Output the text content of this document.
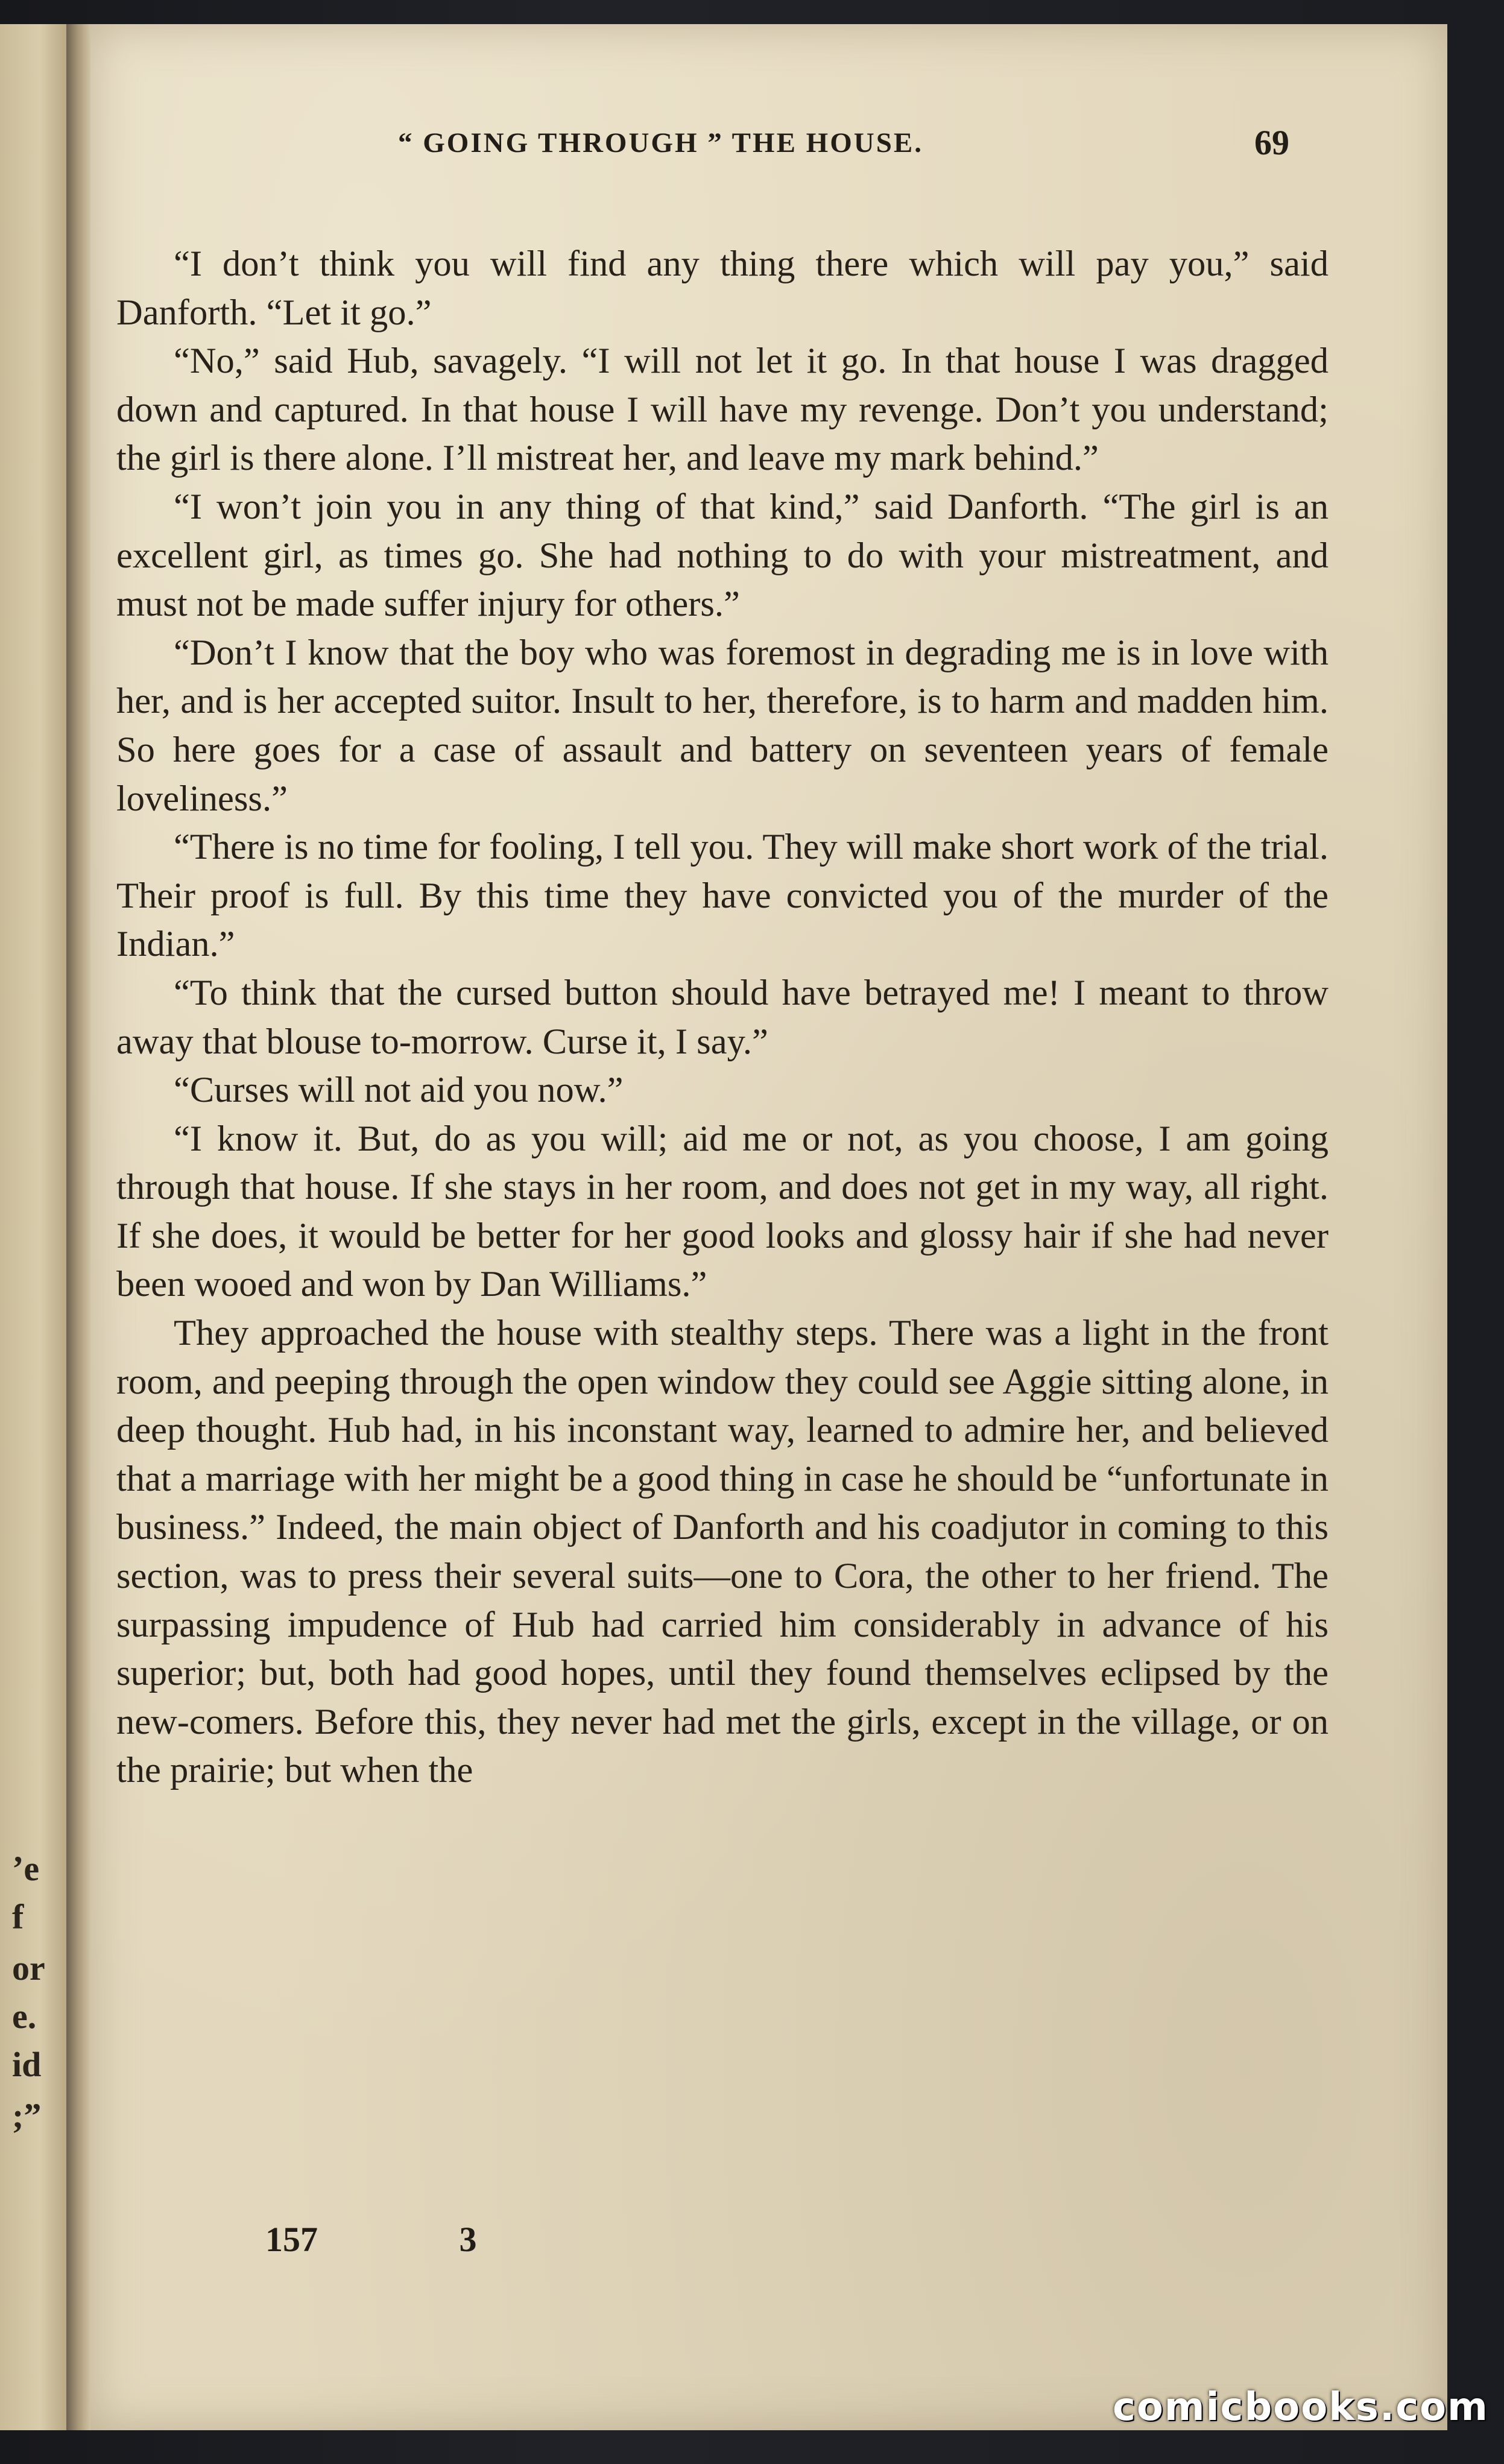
’e
f
or
e.
id
;”
“ GOING THROUGH ” THE HOUSE.	69

“I don’t think you will find any thing there which will pay you,” said Danforth. “Let it go.”

“No,” said Hub, savagely. “I will not let it go. In that house I was dragged down and captured. In that house I will have my revenge. Don’t you understand; the girl is there alone. I’ll mistreat her, and leave my mark behind.”

“I won’t join you in any thing of that kind,” said Danforth. “The girl is an excellent girl, as times go. She had nothing to do with your mistreatment, and must not be made suffer injury for others.”

“Don’t I know that the boy who was foremost in degrading me is in love with her, and is her accepted suitor. Insult to her, therefore, is to harm and madden him. So here goes for a case of assault and battery on seventeen years of female loveliness.”

“There is no time for fooling, I tell you. They will make short work of the trial. Their proof is full. By this time they have convicted you of the murder of the Indian.”

“To think that the cursed button should have betrayed me! I meant to throw away that blouse to-morrow. Curse it, I say.”

“Curses will not aid you now.”

“I know it. But, do as you will; aid me or not, as you choose, I am going through that house. If she stays in her room, and does not get in my way, all right. If she does, it would be better for her good looks and glossy hair if she had never been wooed and won by Dan Williams.”

They approached the house with stealthy steps. There was a light in the front room, and peeping through the open window they could see Aggie sitting alone, in deep thought. Hub had, in his inconstant way, learned to admire her, and believed that a marriage with her might be a good thing in case he should be “unfortunate in business.” Indeed, the main object of Danforth and his coadjutor in coming to this section, was to press their several suits—one to Cora, the other to her friend. The surpassing impudence of Hub had carried him considerably in advance of his superior; but, both had good hopes, until they found themselves eclipsed by the new-comers. Before this, they never had met the girls, except in the village, or on the prairie; but when the

157	3
comicbooks.com
